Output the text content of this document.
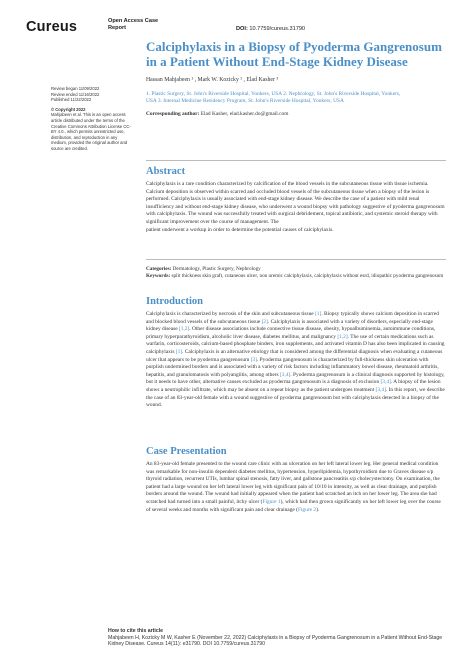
Cureus	Open Access Case
Report	DOI: 10.7759/cureus.31790
Review began 11/09/2022
Review ended 11/16/2022
Published 11/22/2022
© Copyright 2022
Mahjabeen et al. This is an open access article distributed under the terms of the Creative Commons Attribution License CC-BY 4.0., which permits unrestricted use, distribution, and reproduction in any medium, provided the original author and source are credited.
Calciphylaxis in a Biopsy of Pyoderma Gangrenosum in a Patient Without End-Stage Kidney Disease
Hassan Mahjabeen ¹ , Mark W. Kozicky ¹ , Elad Kasher ³
1. Plastic Surgery, St. John's Riverside Hospital, Yonkers, USA 2. Nephrology, St. John's Riverside Hospital, Yonkers,
USA 3. Internal Medicine Residency Program, St. John's Riverside Hospital, Yonkers, USA
Corresponding author: Elad Kasher, elad.kasher.do@gmail.com
Abstract

Calciphylaxis is a rare condition characterized by calcification of the blood vessels in the subcutaneous tissue with tissue ischemia. Calcium deposition is observed within scarred and occluded blood vessels of the subcutaneous tissue when a biopsy of the lesion is performed. Calciphylaxis is usually associated with end-stage kidney disease. We describe the case of a patient with mild renal insufficiency and without end-stage kidney disease, who underwent a wound biopsy with pathology suggestive of pyoderma gangrenosum with calciphylaxis. The wound was successfully treated with surgical debridement, topical antibiotic, and systemic steroid therapy with significant improvement over the course of management. The

patient underwent a workup in order to determine the potential causes of calciphylaxis.

Categories: Dermatology, Plastic Surgery, Nephrology
Keywords: split thickness skin graft, cutaneous ulcer, non uremic calciphylaxis, calciphylaxis without esrd, idiopathic pyoderma gangrenosum
Introduction
Calciphylaxis is characterized by necrosis of the skin and subcutaneous tissue [1]. Biopsy typically shows calcium deposition in scarred and blocked blood vessels of the subcutaneous tissue [2]. Calciphylaxis is associated with a variety of disorders, especially end-stage kidney disease [1,2]. Other disease associations include connective tissue disease, obesity, hypoalbuminemia, autoimmune conditions, primary hyperparathyroidism, alcoholic liver disease, diabetes mellitus, and malignancy [1,2]. The use of certain medications such as warfarin, corticosteroids, calcium-based phosphate binders, iron supplements, and activated vitamin D has also been implicated in causing calciphylaxis [1]. Calciphylaxis is an alternative etiology that is considered among the differential diagnosis when evaluating a cutaneous ulcer that appears to be pyoderma gangrenosum [3]. Pyoderma gangrenosum is characterized by full-thickness skin ulceration with purplish undermined borders and is associated with a variety of risk factors including inflammatory bowel disease, rheumatoid arthritis, hepatitis, and granulomatosis with polyangiitis, among others [3,4]. Pyoderma gangrenosum is a clinical diagnosis supported by histology, but it needs to have other, alternative causes excluded as pyoderma gangrenosum is a diagnosis of exclusion [3,4]. A biopsy of the lesion shows a neutrophilic infiltrate, which may be absent on a repeat biopsy as the patient undergoes treatment [3,4]. In this report, we describe the case of an 83-year-old female with a wound suggestive of pyoderma gangrenosum but with calciphylaxis detected in a biopsy of the wound.
Case Presentation
An 83-year-old female presented to the wound care clinic with an ulceration on her left lateral lower leg. Her general medical condition was remarkable for non-insulin dependent diabetes mellitus, hypertension, hyperlipidemia, hypothyroidism due to Graves disease s/p thyroid radiation, recurrent UTIs, lumbar spinal stenosis, fatty liver, and gallstone pancreatitis s/p cholecystectomy. On examination, the patient had a large wound on her left lateral lower leg with significant pain of 10/10 in intensity, as well as clear drainage, and purplish borders around the wound. The wound had initially appeared when the patient had scratched an itch on her lower leg. The area she had scratched had turned into a small painful, itchy ulcer (Figure 1), which had then grown significantly on her left lower leg over the course of several weeks and months with significant pain and clear drainage (Figure 2).
How to cite this article
Mahjabeen H, Kozicky M W, Kasher E (November 22, 2022) Calciphylaxis in a Biopsy of Pyoderma Gangrenosum in a Patient Without End-Stage Kidney Disease. Cureus 14(11): e31790. DOI 10.7759/cureus.31790
